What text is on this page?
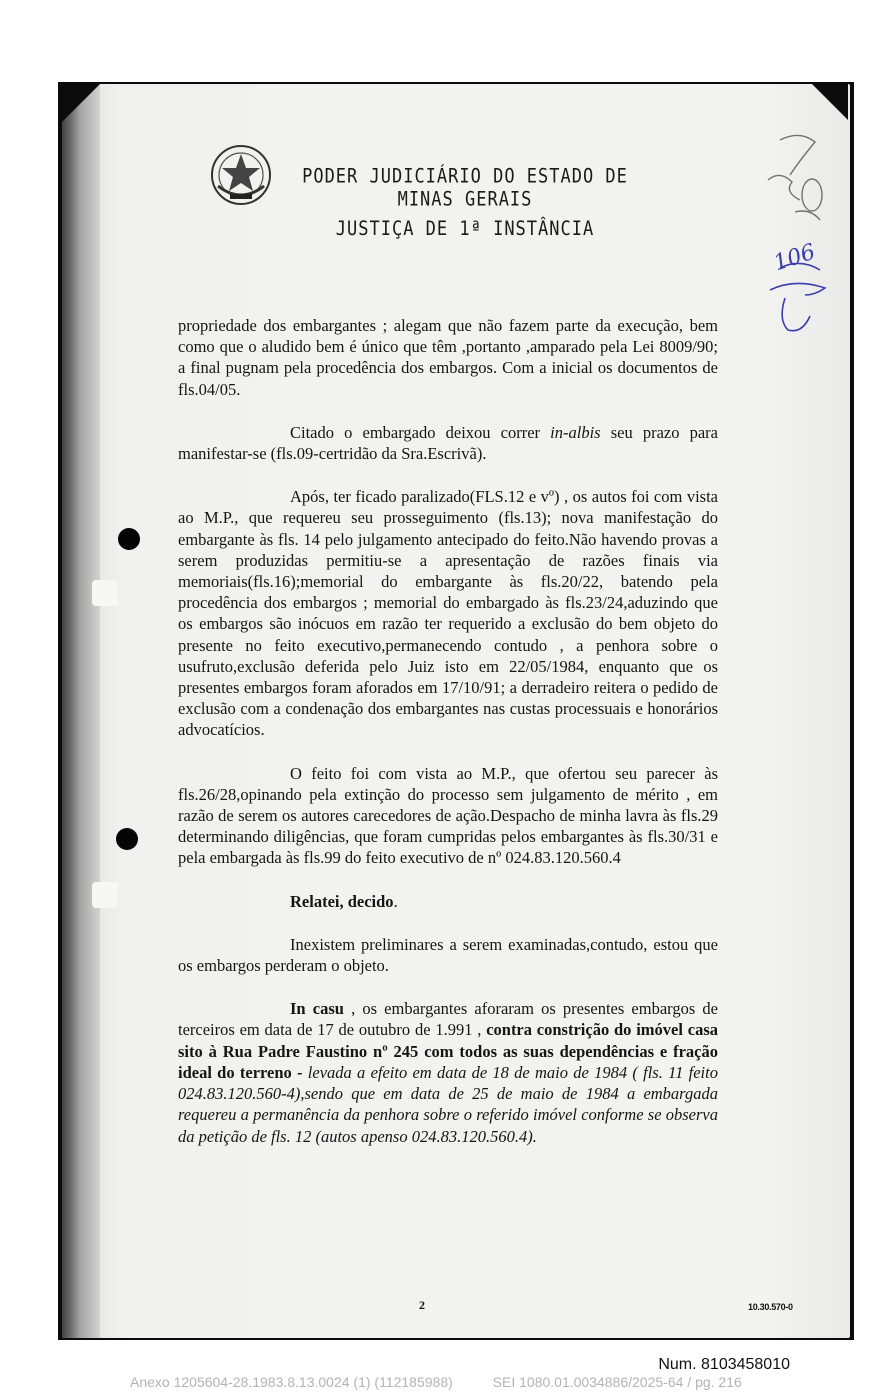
PODER JUDICIÁRIO DO ESTADO DE MINAS GERAIS
JUSTIÇA DE 1ª INSTÂNCIA
106

propriedade dos embargantes ; alegam que não fazem parte da execução, bem como que o aludido bem é único que têm ,portanto ,amparado pela Lei 8009/90; a final pugnam pela procedência dos embargos. Com a inicial os documentos de fls.04/05.

Citado o embargado deixou correr in-albis seu prazo para manifestar-se (fls.09-certridão da Sra.Escrivã).

Após, ter ficado paralizado(FLS.12 e vº) , os autos foi com vista ao M.P., que requereu seu prosseguimento (fls.13); nova manifestação do embargante às fls. 14 pelo julgamento antecipado do feito.Não havendo provas a serem produzidas permitiu-se a apresentação de razões finais via memoriais(fls.16);memorial do embargante às fls.20/22, batendo pela procedência dos embargos ; memorial do embargado às fls.23/24,aduzindo que os embargos são inócuos em razão ter requerido a exclusão do bem objeto do presente no feito executivo,permanecendo contudo , a penhora sobre o usufruto,exclusão deferida pelo Juiz isto em 22/05/1984, enquanto que os presentes embargos foram aforados em 17/10/91; a derradeiro reitera o pedido de exclusão com a condenação dos embargantes nas custas processuais e honorários advocatícios.

O feito foi com vista ao M.P., que ofertou seu parecer às fls.26/28,opinando pela extinção do processo sem julgamento de mérito , em razão de serem os autores carecedores de ação.Despacho de minha lavra às fls.29 determinando diligências, que foram cumpridas pelos embargantes às fls.30/31 e pela embargada às fls.99 do feito executivo de nº 024.83.120.560.4

Relatei, decido.

Inexistem preliminares a serem examinadas,contudo, estou que os embargos perderam o objeto.

In casu , os embargantes aforaram os presentes embargos de terceiros em data de 17 de outubro de 1.991 , contra constrição do imóvel casa sito à Rua Padre Faustino nº 245 com todos as suas dependências e fração ideal do terreno - levada a efeito em data de 18 de maio de 1984 ( fls. 11 feito 024.83.120.560-4),sendo que em data de 25 de maio de 1984 a embargada requereu a permanência da penhora sobre o referido imóvel conforme se observa da petição de fls. 12 (autos apenso 024.83.120.560.4).

2	10.30.570-0
Num. 8103458010
Anexo 1205604-28.1983.8.13.0024 (1) (112185988)	SEI 1080.01.0034886/2025-64 / pg. 216
